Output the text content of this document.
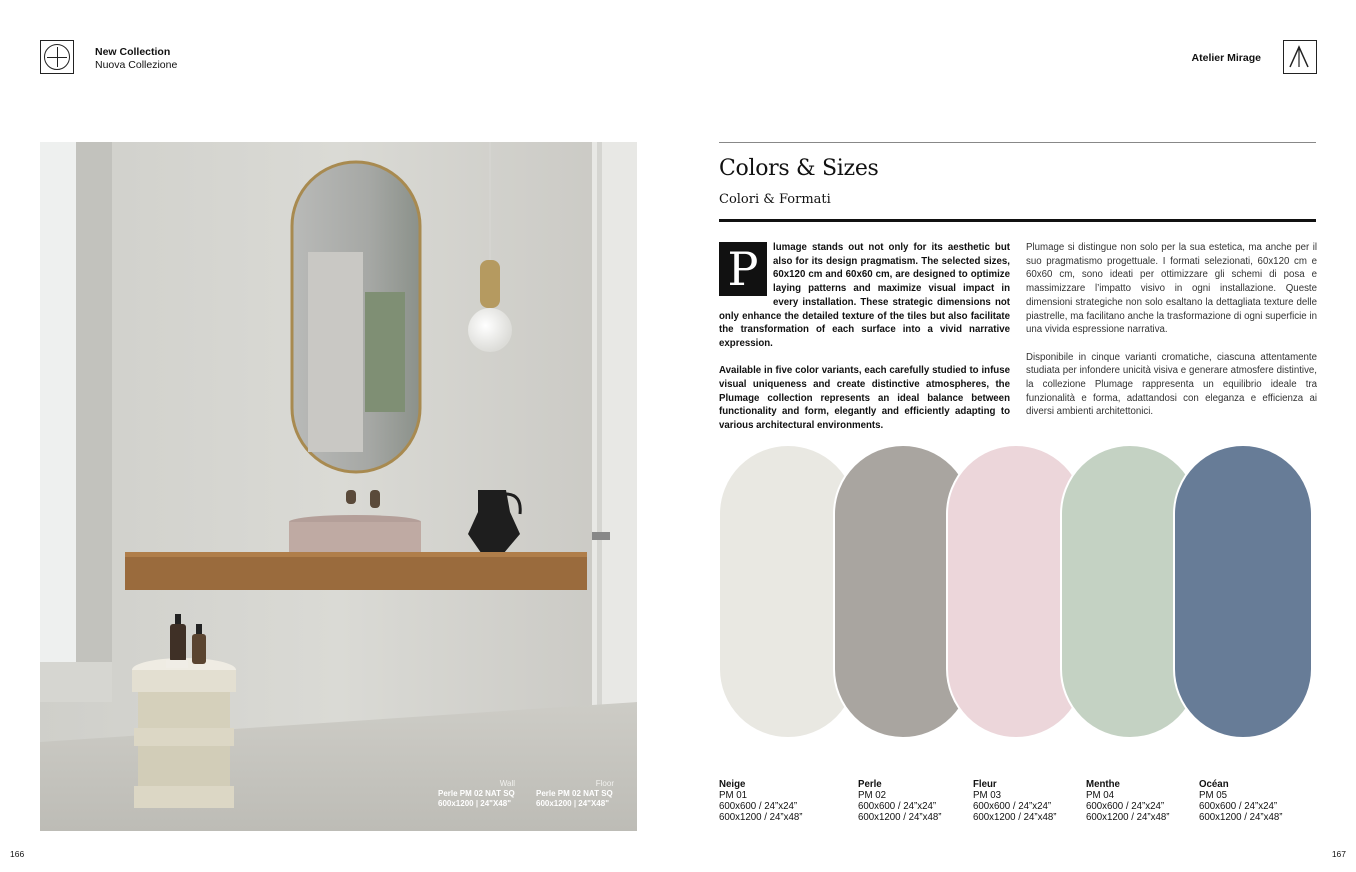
New Collection
Nuova Collezione
Atelier Mirage
Wall	Floor
Perle PM 02 NAT SQ
600x1200 | 24"X48"
Perle PM 02 NAT SQ
600x1200 | 24"X48"
Colors & Sizes
Colori & Formati

P	lumage stands out not only for its aesthetic but also for its design pragmatism. The selected sizes, 60x120 cm and 60x60 cm, are designed to optimize laying patterns and maximize visual impact in every installation. These strategic dimensions not only enhance the detailed texture of the tiles but also facilitate the transformation of each surface into a vivid narrative expression.

Available in five color variants, each carefully studied to infuse visual uniqueness and create distinctive atmospheres, the Plumage collection represents an ideal balance between functionality and form, elegantly and efficiently adapting to various architectural environments.

Plumage si distingue non solo per la sua estetica, ma anche per il suo pragmatismo progettuale. I formati selezionati, 60x120 cm e 60x60 cm, sono ideati per ottimizzare gli schemi di posa e massimizzare l’impatto visivo in ogni installazione. Queste dimensioni strategiche non solo esaltano la dettagliata texture delle piastrelle, ma facilitano anche la trasformazione di ogni superficie in una vivida espressione narrativa.

Disponibile in cinque varianti cromatiche, ciascuna attentamente studiata per infondere unicità visiva e generare atmosfere distintive, la collezione Plumage rappresenta un equilibrio ideale tra funzionalità e forma, adattandosi con eleganza e efficienza ai diversi ambienti architettonici.

Neige
PM 01
600x600 / 24”x24”
600x1200 / 24”x48”
Perle
PM 02
600x600 / 24”x24”
600x1200 / 24”x48”
Fleur
PM 03
600x600 / 24”x24”
600x1200 / 24”x48”
Menthe
PM 04
600x600 / 24”x24”
600x1200 / 24”x48”
Océan
PM 05
600x600 / 24”x24”
600x1200 / 24”x48”
166	167
